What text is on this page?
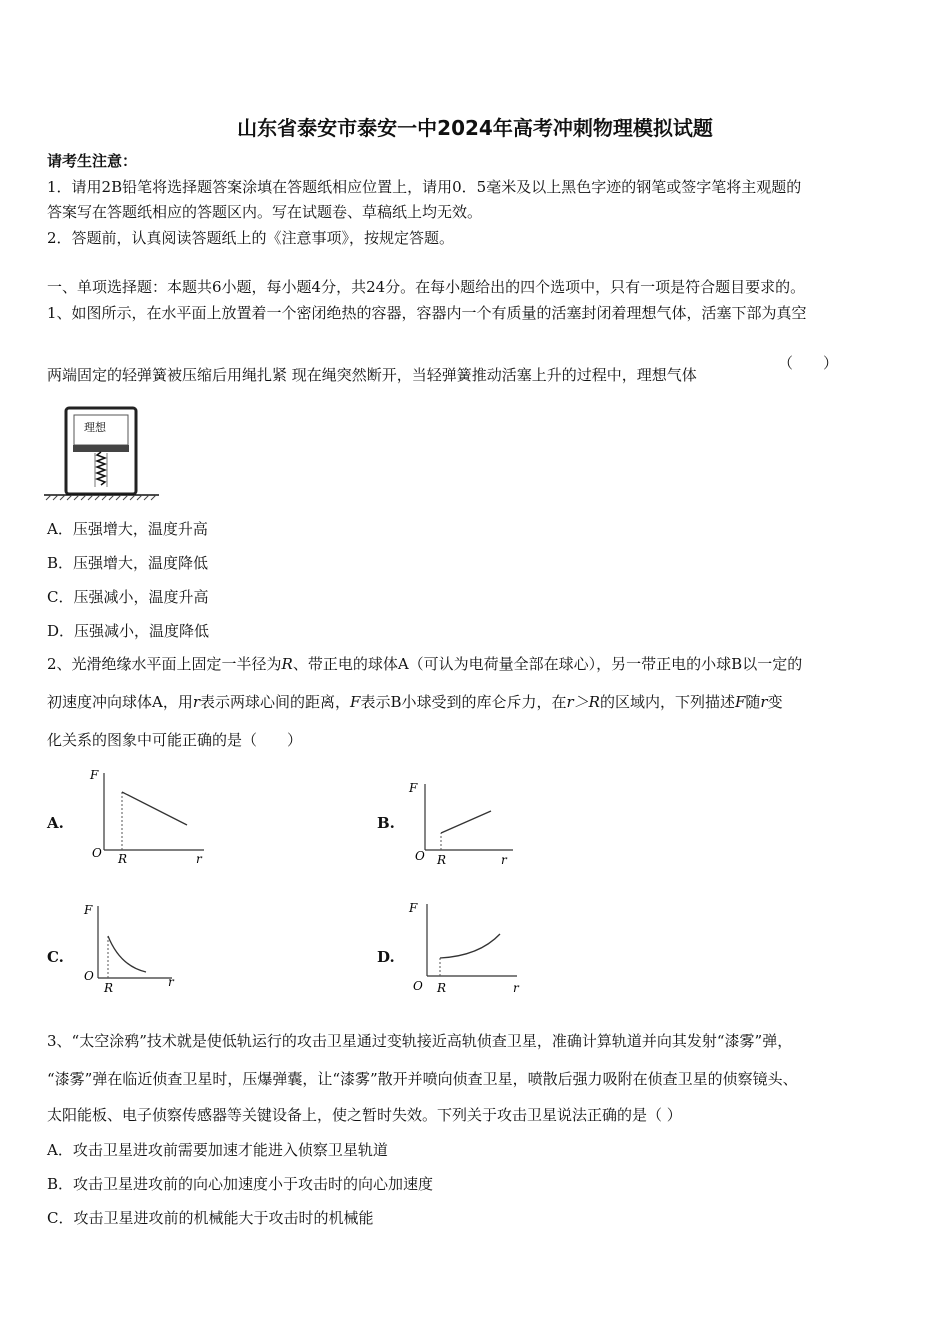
山东省泰安市泰安一中2024年高考冲刺物理模拟试题
请考生注意：
1．请用2B铅笔将选择题答案涂填在答题纸相应位置上，请用0．5毫米及以上黑色字迹的钢笔或签字笔将主观题的
答案写在答题纸相应的答题区内。写在试题卷、草稿纸上均无效。
2．答题前，认真阅读答题纸上的《注意事项》，按规定答题。
一、单项选择题：本题共6小题，每小题4分，共24分。在每小题给出的四个选项中，只有一项是符合题目要求的。
1、如图所示，在水平面上放置着一个密闭绝热的容器，容器内一个有质量的活塞封闭着理想气体，活塞下部为真空
两端固定的轻弹簧被压缩后用绳扎紧 现在绳突然断开，当轻弹簧推动活塞上升的过程中，理想气体
（　　）
理想
A．压强增大，温度升高
B．压强增大，温度降低
C．压强减小，温度升高
D．压强减小，温度降低
2、光滑绝缘水平面上固定一半径为R、带正电的球体A（可认为电荷量全部在球心），另一带正电的小球B以一定的
初速度冲向球体A，用r表示两球心间的距离，F表示B小球受到的库仑斥力，在r＞R的区域内，下列描述F随r变
化关系的图象中可能正确的是（　　）
A.
F
O R	r
B.
F
O R	r
C.
F
O
R	r
D.
F
O R	r
3、“太空涂鸦”技术就是使低轨运行的攻击卫星通过变轨接近高轨侦查卫星，准确计算轨道并向其发射“漆雾”弹，
“漆雾”弹在临近侦查卫星时，压爆弹囊，让“漆雾”散开并喷向侦查卫星，喷散后强力吸附在侦查卫星的侦察镜头、
太阳能板、电子侦察传感器等关键设备上，使之暂时失效。下列关于攻击卫星说法正确的是（ ）
A．攻击卫星进攻前需要加速才能进入侦察卫星轨道
B．攻击卫星进攻前的向心加速度小于攻击时的向心加速度
C．攻击卫星进攻前的机械能大于攻击时的机械能
